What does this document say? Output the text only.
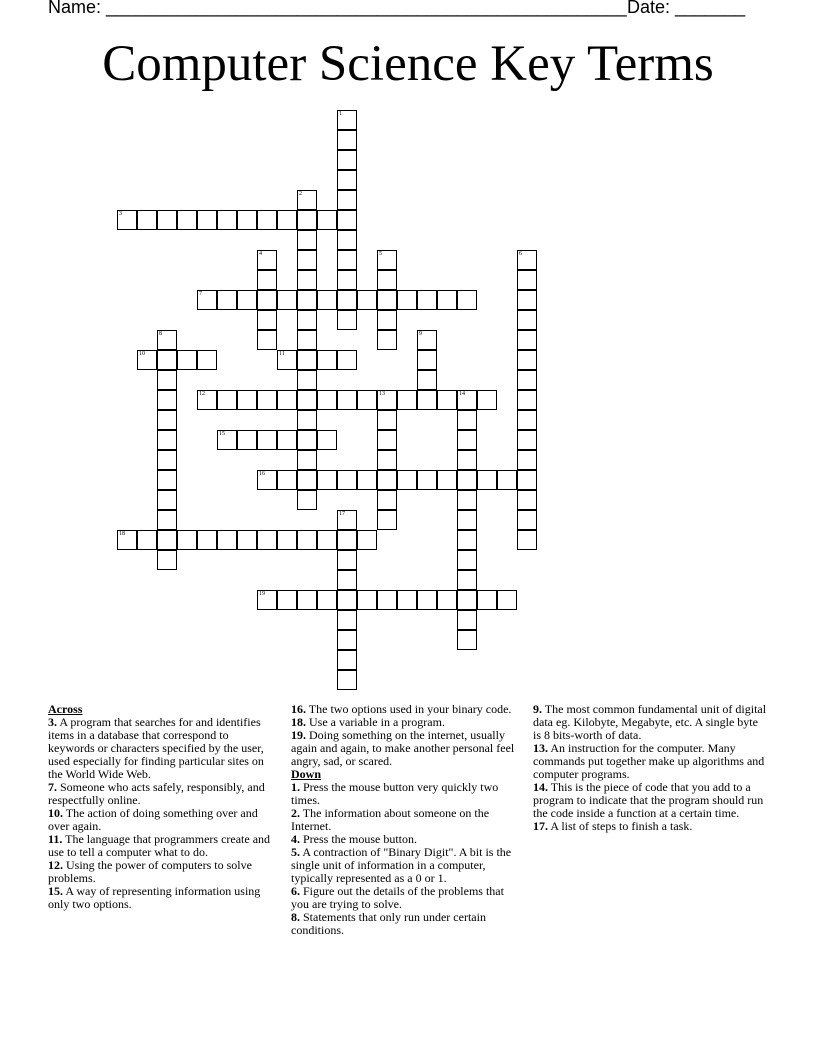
Name: ____________________________________________________ Date: _______
Computer Science Key Terms
1
2
3
4	5	6
7
8	9
10	11
12	13	14
15
16
17
18
19
Across

3. A program that searches for and identifies items in a database that correspond to keywords or characters specified by the user, used especially for finding particular sites on the World Wide Web.

7. Someone who acts safely, responsibly, and respectfully online.

10. The action of doing something over and over again.

11. The language that programmers create and use to tell a computer what to do.

12. Using the power of computers to solve problems.

15. A way of representing information using only two options.

16. The two options used in your binary code.

18. Use a variable in a program.

19. Doing something on the internet, usually again and again, to make another personal feel angry, sad, or scared.

Down

1. Press the mouse button very quickly two times.

2. The information about someone on the Internet.

4. Press the mouse button.

5. A contraction of "Binary Digit". A bit is the single unit of information in a computer, typically represented as a 0 or 1.

6. Figure out the details of the problems that you are trying to solve.

8. Statements that only run under certain conditions.

9. The most common fundamental unit of digital data eg. Kilobyte, Megabyte, etc. A single byte is 8 bits-worth of data.

13. An instruction for the computer. Many commands put together make up algorithms and computer programs.

14. This is the piece of code that you add to a program to indicate that the program should run the code inside a function at a certain time.

17. A list of steps to finish a task.
